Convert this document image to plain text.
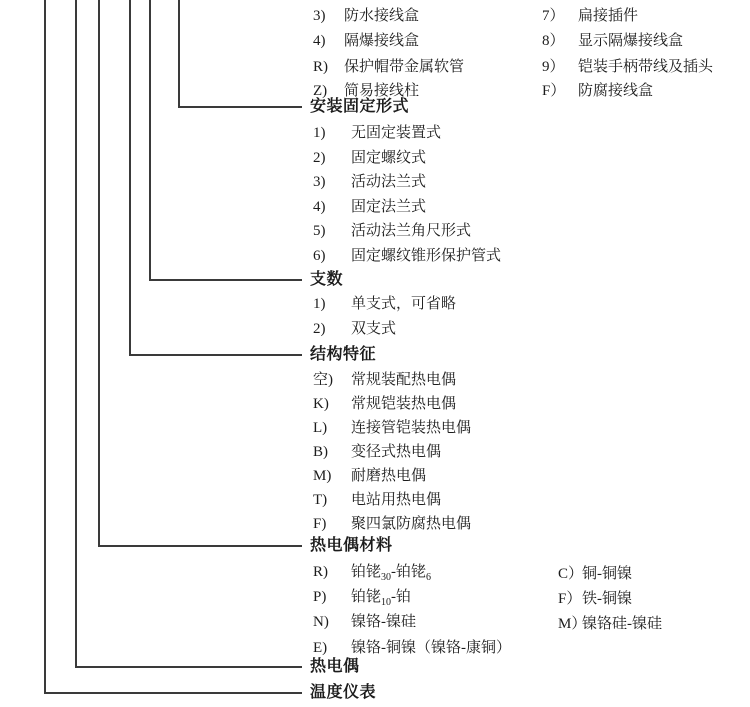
3) 防水接线盒
4) 隔爆接线盒
R) 保护帽带金属软管
Z) 简易接线柱
7） 扁接插件
8） 显示隔爆接线盒
9） 铠装手柄带线及插头
F） 防腐接线盒
安装固定形式
1) 无固定装置式
2) 固定螺纹式
3) 活动法兰式
4) 固定法兰式
5) 活动法兰角尺形式
6) 固定螺纹锥形保护管式
支数
1) 单支式，可省略
2) 双支式
结构特征
空) 常规装配热电偶
K) 常规铠装热电偶
L) 连接管铠装热电偶
B) 变径式热电偶
M) 耐磨热电偶
T) 电站用热电偶
F) 聚四氯防腐热电偶
热电偶材料
R) 铂铑$_{30}$-铂铑$_6$
P) 铂铑$_{10}$-铂
N) 镍铬-镍硅
E) 镍铬-铜镍（镍铬-康铜）
C）
铜-铜镍
F） 铁-铜镍
M）
镍铬硅-镍硅
热电偶
温度仪表
